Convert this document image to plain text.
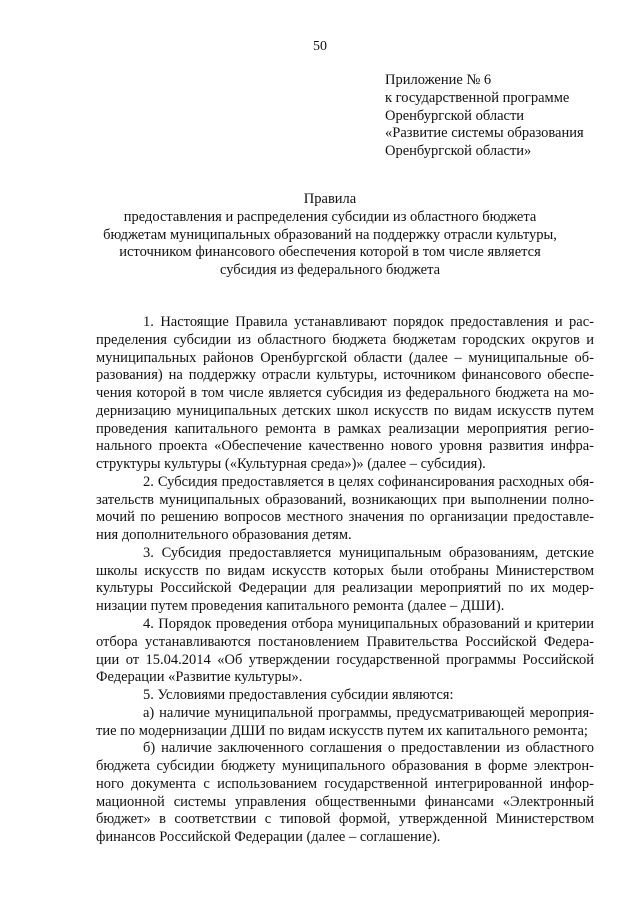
50
Приложение № 6
к государственной программе
Оренбургской области
«Развитие системы образования
Оренбургской области»
Правила
предоставления и распределения субсидии из областного бюджета
бюджетам муниципальных образований на поддержку отрасли культуры,
источником финансового обеспечения которой в том числе является
субсидия из федерального бюджета
1. Настоящие Правила устанавливают порядок предоставления и рас-
пределения субсидии из областного бюджета бюджетам городских округов и
муниципальных районов Оренбургской области (далее – муниципальные об-
разования) на поддержку отрасли культуры, источником финансового обеспе-
чения которой в том числе является субсидия из федерального бюджета на мо-
дернизацию муниципальных детских школ искусств по видам искусств путем
проведения капитального ремонта в рамках реализации мероприятия регио-
нального проекта «Обеспечение качественно нового уровня развития инфра-
структуры культуры («Культурная среда»)» (далее – субсидия).
2. Субсидия предоставляется в целях софинансирования расходных обя-
зательств муниципальных образований, возникающих при выполнении полно-
мочий по решению вопросов местного значения по организации предоставле-
ния дополнительного образования детям.
3. Субсидия предоставляется муниципальным образованиям, детские
школы искусств по видам искусств которых были отобраны Министерством
культуры Российской Федерации для реализации мероприятий по их модер-
низации путем проведения капитального ремонта (далее – ДШИ).
4. Порядок проведения отбора муниципальных образований и критерии
отбора устанавливаются постановлением Правительства Российской Федера-
ции от 15.04.2014 «Об утверждении государственной программы Российской
Федерации «Развитие культуры».
5. Условиями предоставления субсидии являются:
а) наличие муниципальной программы, предусматривающей мероприя-
тие по модернизации ДШИ по видам искусств путем их капитального ремонта;
б) наличие заключенного соглашения о предоставлении из областного
бюджета субсидии бюджету муниципального образования в форме электрон-
ного документа с использованием государственной интегрированной инфор-
мационной системы управления общественными финансами «Электронный
бюджет» в соответствии с типовой формой, утвержденной Министерством
финансов Российской Федерации (далее – соглашение).
